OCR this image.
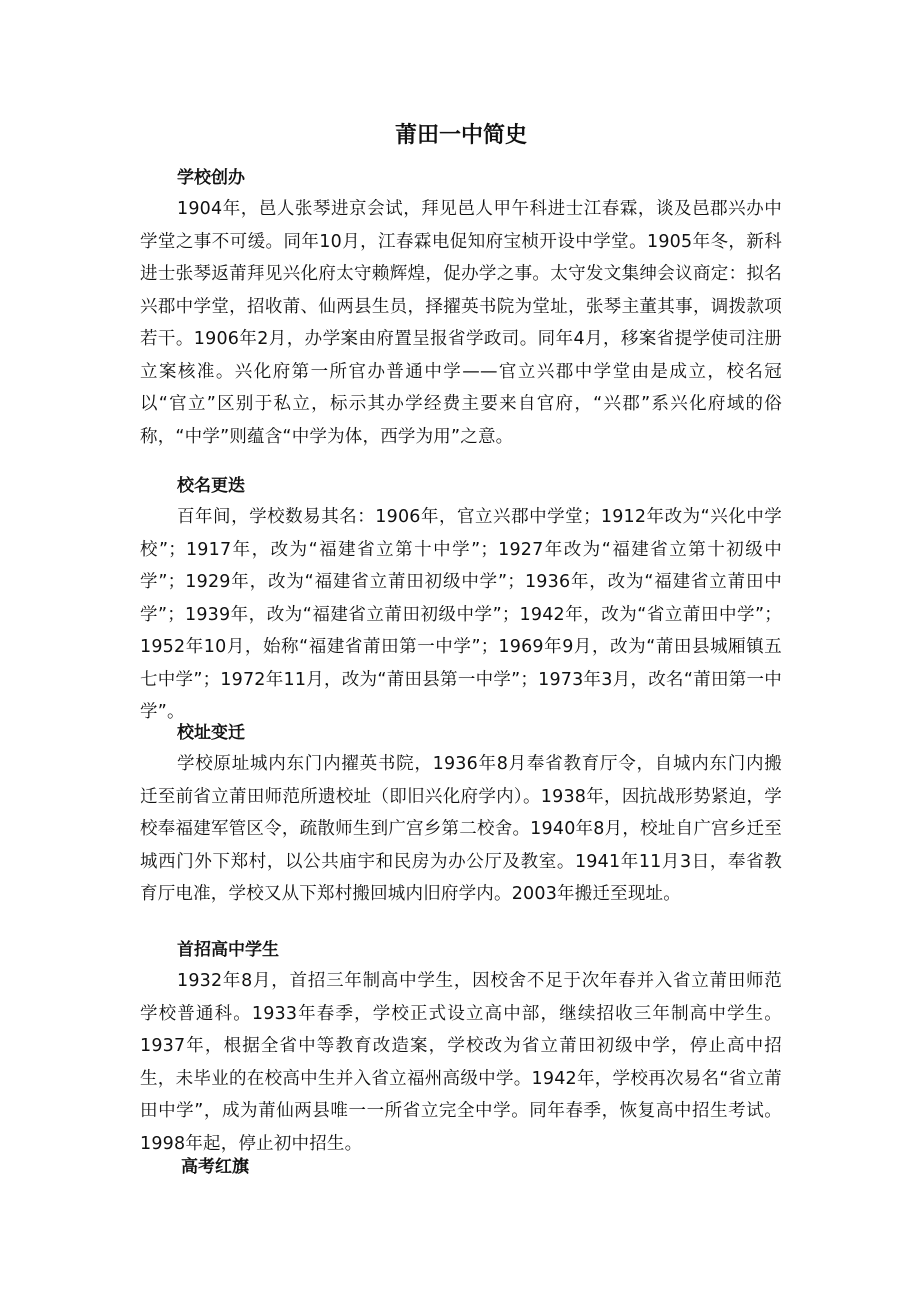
莆田一中简史
学校创办

1904年，邑人张琴进京会试，拜见邑人甲午科进士江春霖，谈及邑郡兴办中学堂之事不可缓。同年10月，江春霖电促知府宝桢开设中学堂。1905年冬，新科进士张琴返莆拜见兴化府太守赖辉煌，促办学之事。太守发文集绅会议商定：拟名兴郡中学堂，招收莆、仙两县生员，择擢英书院为堂址，张琴主董其事，调拨款项若干。1906年2月，办学案由府置呈报省学政司。同年4月，移案省提学使司注册立案核准。兴化府第一所官办普通中学——官立兴郡中学堂由是成立，校名冠以“官立”区别于私立，标示其办学经费主要来自官府，“兴郡”系兴化府域的俗称，“中学”则蕴含“中学为体，西学为用”之意。

校名更迭

百年间，学校数易其名：1906年，官立兴郡中学堂；1912年改为“兴化中学校”；1917年，改为“福建省立第十中学”；1927年改为“福建省立第十初级中学”；1929年，改为“福建省立莆田初级中学”；1936年，改为“福建省立莆田中学”；1939年，改为“福建省立莆田初级中学”；1942年，改为“省立莆田中学”；1952年10月，始称“福建省莆田第一中学”；1969年9月，改为“莆田县城厢镇五七中学”；1972年11月，改为“莆田县第一中学”；1973年3月，改名“莆田第一中学”。

校址变迁

学校原址城内东门内擢英书院，1936年8月奉省教育厅令，自城内东门内搬迁至前省立莆田师范所遗校址（即旧兴化府学内）。1938年，因抗战形势紧迫，学校奉福建军管区令，疏散师生到广宫乡第二校舍。1940年8月，校址自广宫乡迁至城西门外下郑村，以公共庙宇和民房为办公厅及教室。1941年11月3日，奉省教育厅电准，学校又从下郑村搬回城内旧府学内。2003年搬迁至现址。

首招高中学生

1932年8月，首招三年制高中学生，因校舍不足于次年春并入省立莆田师范学校普通科。1933年春季，学校正式设立高中部，继续招收三年制高中学生。1937年，根据全省中等教育改造案，学校改为省立莆田初级中学，停止高中招生，未毕业的在校高中生并入省立福州高级中学。1942年，学校再次易名“省立莆田中学”，成为莆仙两县唯一一所省立完全中学。同年春季，恢复高中招生考试。1998年起，停止初中招生。

高考红旗
